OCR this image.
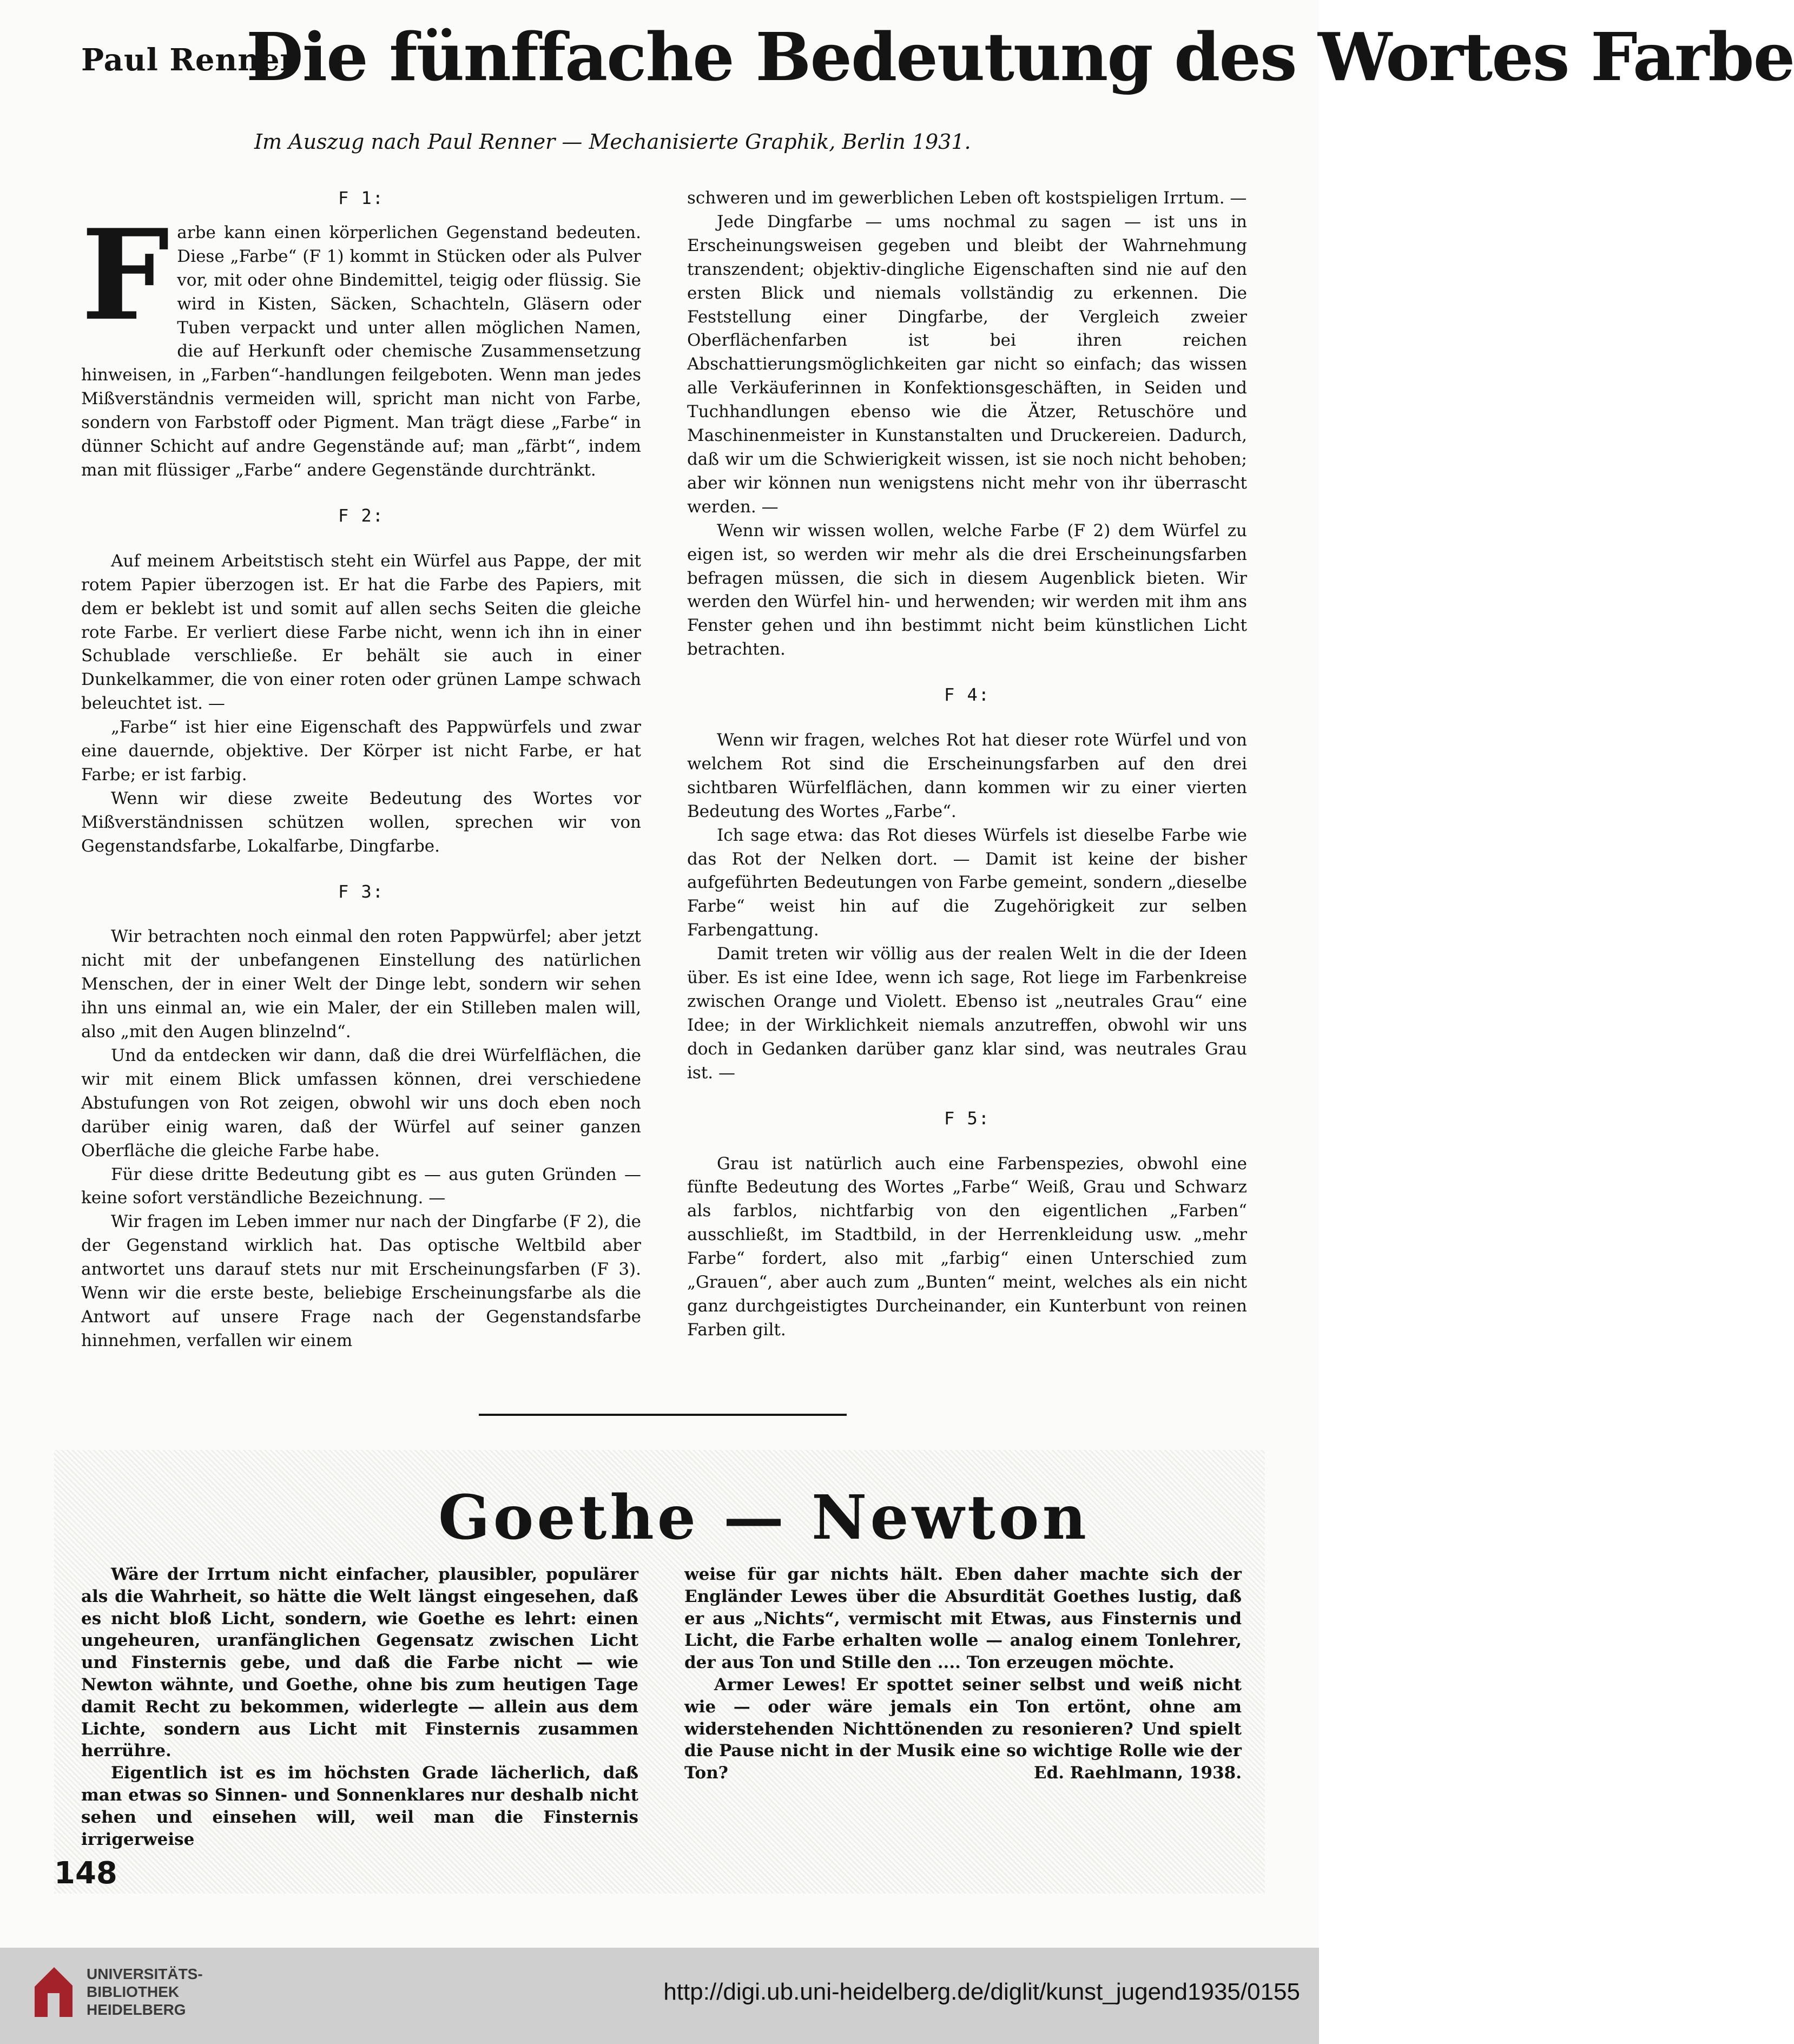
Paul Renner
Die fünffache Bedeutung des Wortes Farbe
Im Auszug nach Paul Renner — Mechanisierte Graphik, Berlin 1931.
F 1:

Farbe kann einen körperlichen Gegenstand bedeuten. Diese „Farbe“ (F 1) kommt in Stücken oder als Pulver vor, mit oder ohne Bindemittel, teigig oder flüssig. Sie wird in Kisten, Säcken, Schachteln, Gläsern oder Tuben verpackt und unter allen möglichen Namen, die auf Herkunft oder chemische Zusammensetzung hinweisen, in „Farben“-handlungen feilgeboten. Wenn man jedes Mißverständnis vermeiden will, spricht man nicht von Farbe, sondern von Farbstoff oder Pigment. Man trägt diese „Farbe“ in dünner Schicht auf andre Gegenstände auf; man „färbt“, indem man mit flüssiger „Farbe“ andere Gegenstände durchtränkt.

F 2:

Auf meinem Arbeitstisch steht ein Würfel aus Pappe, der mit rotem Papier überzogen ist. Er hat die Farbe des Papiers, mit dem er beklebt ist und somit auf allen sechs Seiten die gleiche rote Farbe. Er verliert diese Farbe nicht, wenn ich ihn in einer Schublade verschließe. Er behält sie auch in einer Dunkelkammer, die von einer roten oder grünen Lampe schwach beleuchtet ist. —

„Farbe“ ist hier eine Eigenschaft des Pappwürfels und zwar eine dauernde, objektive. Der Körper ist nicht Farbe, er hat Farbe; er ist farbig.

Wenn wir diese zweite Bedeutung des Wortes vor Mißverständnissen schützen wollen, sprechen wir von Gegenstandsfarbe, Lokalfarbe, Dingfarbe.

F 3:

Wir betrachten noch einmal den roten Pappwürfel; aber jetzt nicht mit der unbefangenen Einstellung des natürlichen Menschen, der in einer Welt der Dinge lebt, sondern wir sehen ihn uns einmal an, wie ein Maler, der ein Stilleben malen will, also „mit den Augen blinzelnd“.

Und da entdecken wir dann, daß die drei Würfelflächen, die wir mit einem Blick umfassen können, drei verschiedene Abstufungen von Rot zeigen, obwohl wir uns doch eben noch darüber einig waren, daß der Würfel auf seiner ganzen Oberfläche die gleiche Farbe habe.

Für diese dritte Bedeutung gibt es — aus guten Gründen — keine sofort verständliche Bezeichnung. —

Wir fragen im Leben immer nur nach der Dingfarbe (F 2), die der Gegenstand wirklich hat. Das optische Weltbild aber antwortet uns darauf stets nur mit Erscheinungsfarben (F 3). Wenn wir die erste beste, beliebige Erscheinungsfarbe als die Antwort auf unsere Frage nach der Gegenstandsfarbe hinnehmen, verfallen wir einem

schweren und im gewerblichen Leben oft kostspieligen Irrtum. —

Jede Dingfarbe — ums nochmal zu sagen — ist uns in Erscheinungsweisen gegeben und bleibt der Wahrnehmung transzendent; objektiv-dingliche Eigenschaften sind nie auf den ersten Blick und niemals vollständig zu erkennen. Die Feststellung einer Dingfarbe, der Vergleich zweier Oberflächenfarben ist bei ihren reichen Abschattierungsmöglichkeiten gar nicht so einfach; das wissen alle Verkäuferinnen in Konfektionsgeschäften, in Seiden und Tuchhandlungen ebenso wie die Ätzer, Retuschöre und Maschinenmeister in Kunstanstalten und Druckereien. Dadurch, daß wir um die Schwierigkeit wissen, ist sie noch nicht behoben; aber wir können nun wenigstens nicht mehr von ihr überrascht werden. —

Wenn wir wissen wollen, welche Farbe (F 2) dem Würfel zu eigen ist, so werden wir mehr als die drei Erscheinungsfarben befragen müssen, die sich in diesem Augenblick bieten. Wir werden den Würfel hin- und herwenden; wir werden mit ihm ans Fenster gehen und ihn bestimmt nicht beim künstlichen Licht betrachten.

F 4:

Wenn wir fragen, welches Rot hat dieser rote Würfel und von welchem Rot sind die Erscheinungsfarben auf den drei sichtbaren Würfelflächen, dann kommen wir zu einer vierten Bedeutung des Wortes „Farbe“.

Ich sage etwa: das Rot dieses Würfels ist dieselbe Farbe wie das Rot der Nelken dort. — Damit ist keine der bisher aufgeführten Bedeutungen von Farbe gemeint, sondern „dieselbe Farbe“ weist hin auf die Zugehörigkeit zur selben Farbengattung.

Damit treten wir völlig aus der realen Welt in die der Ideen über. Es ist eine Idee, wenn ich sage, Rot liege im Farbenkreise zwischen Orange und Violett. Ebenso ist „neutrales Grau“ eine Idee; in der Wirklichkeit niemals anzutreffen, obwohl wir uns doch in Gedanken darüber ganz klar sind, was neutrales Grau ist. —

F 5:

Grau ist natürlich auch eine Farbenspezies, obwohl eine fünfte Bedeutung des Wortes „Farbe“ Weiß, Grau und Schwarz als farblos, nichtfarbig von den eigentlichen „Farben“ ausschließt, im Stadtbild, in der Herrenkleidung usw. „mehr Farbe“ fordert, also mit „farbig“ einen Unterschied zum „Grauen“, aber auch zum „Bunten“ meint, welches als ein nicht ganz durchgeistigtes Durcheinander, ein Kunterbunt von reinen Farben gilt.

Goethe — Newton

Wäre der Irrtum nicht einfacher, plausibler, populärer als die Wahrheit, so hätte die Welt längst eingesehen, daß es nicht bloß Licht, sondern, wie Goethe es lehrt: einen ungeheuren, uranfänglichen Gegensatz zwischen Licht und Finsternis gebe, und daß die Farbe nicht — wie Newton wähnte, und Goethe, ohne bis zum heutigen Tage damit Recht zu bekommen, widerlegte — allein aus dem Lichte, sondern aus Licht mit Finsternis zusammen herrühre.

Eigentlich ist es im höchsten Grade lächerlich, daß man etwas so Sinnen- und Sonnenklares nur deshalb nicht sehen und einsehen will, weil man die Finsternis irrigerweise

weise für gar nichts hält. Eben daher machte sich der Engländer Lewes über die Absurdität Goethes lustig, daß er aus „Nichts“, vermischt mit Etwas, aus Finsternis und Licht, die Farbe erhalten wolle — analog einem Tonlehrer, der aus Ton und Stille den .... Ton erzeugen möchte.

Armer Lewes! Er spottet seiner selbst und weiß nicht wie — oder wäre jemals ein Ton ertönt, ohne am widerstehenden Nichttönenden zu resonieren? Und spielt die Pause nicht in der Musik eine so wichtige Rolle wie der Ton?	Ed. Raehlmann, 1938.
148
UNIVERSITÄTS-
BIBLIOTHEK
HEIDELBERG
http://digi.ub.uni-heidelberg.de/diglit/kunst_jugend1935/0155
